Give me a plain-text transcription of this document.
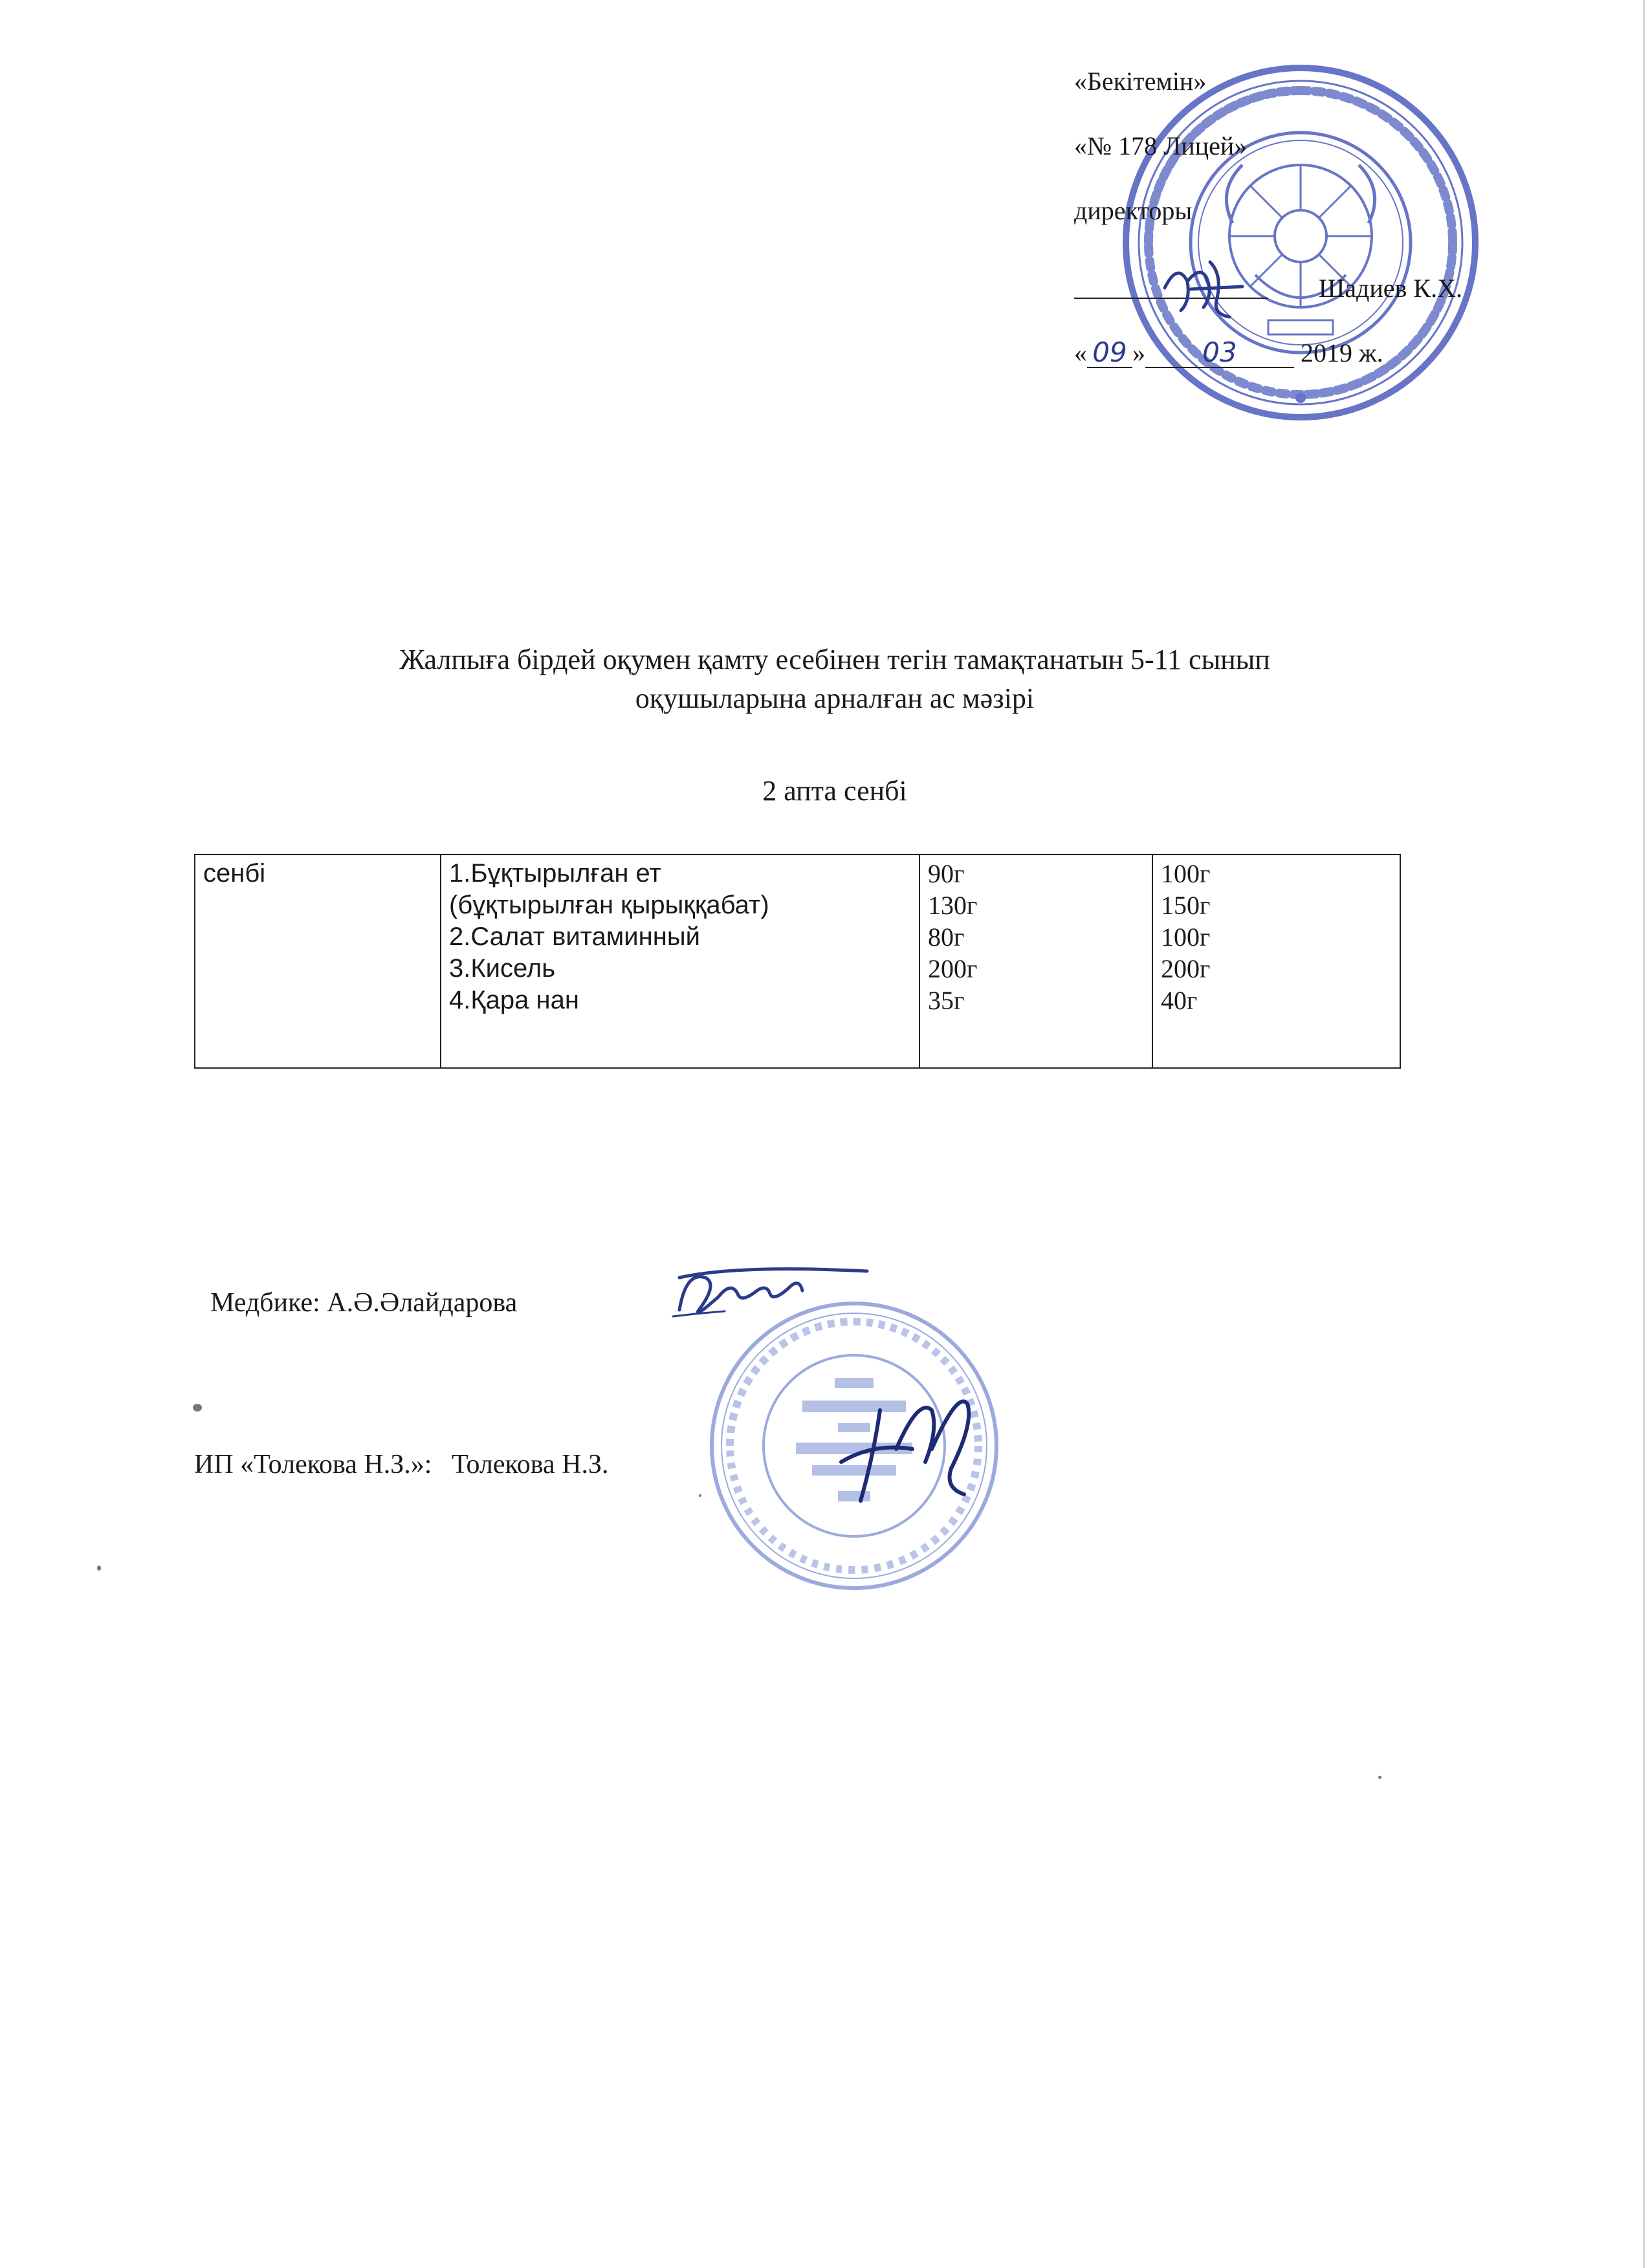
«Бекітемін»
«№ 178 Лицей»
директоры
Шадиев К.Х.
« 09 » 03 2019 ж.
Жалпыға бірдей оқумен қамту есебінен тегін тамақтанатын 5-11 сынып
оқушыларына арналған ас мәзірі
2 апта сенбі
сенбі	1.Бұқтырылған ет
(бұқтырылған қырыққабат)
2.Салат витаминный
3.Кисель
4.Қара нан
90г
130г
80г
200г
35г
100г
150г
100г
200г
40г
Медбике: А.Ә.Әлайдарова
ИП «Толекова Н.З.»: Толекова Н.З.
